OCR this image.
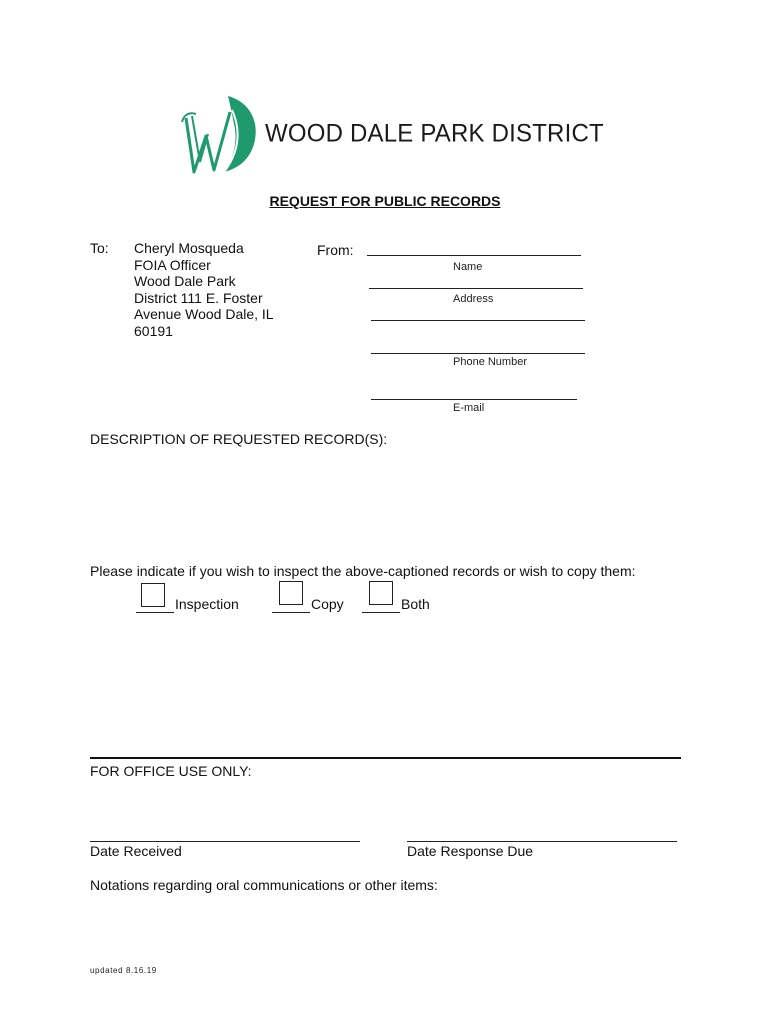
WOOD DALE PARK DISTRICT
REQUEST FOR PUBLIC RECORDS
To: Cheryl Mosqueda
FOIA Officer
Wood Dale Park
District 111 E. Foster
Avenue Wood Dale, IL
60191
From:
Name
Address
Phone Number
E-mail
DESCRIPTION OF REQUESTED RECORD(S):
Please indicate if you wish to inspect the above-captioned records or wish to copy them:
Inspection	Copy	Both
FOR OFFICE USE ONLY:
Date Received	Date Response Due
Notations regarding oral communications or other items:
updated 8.16.19
